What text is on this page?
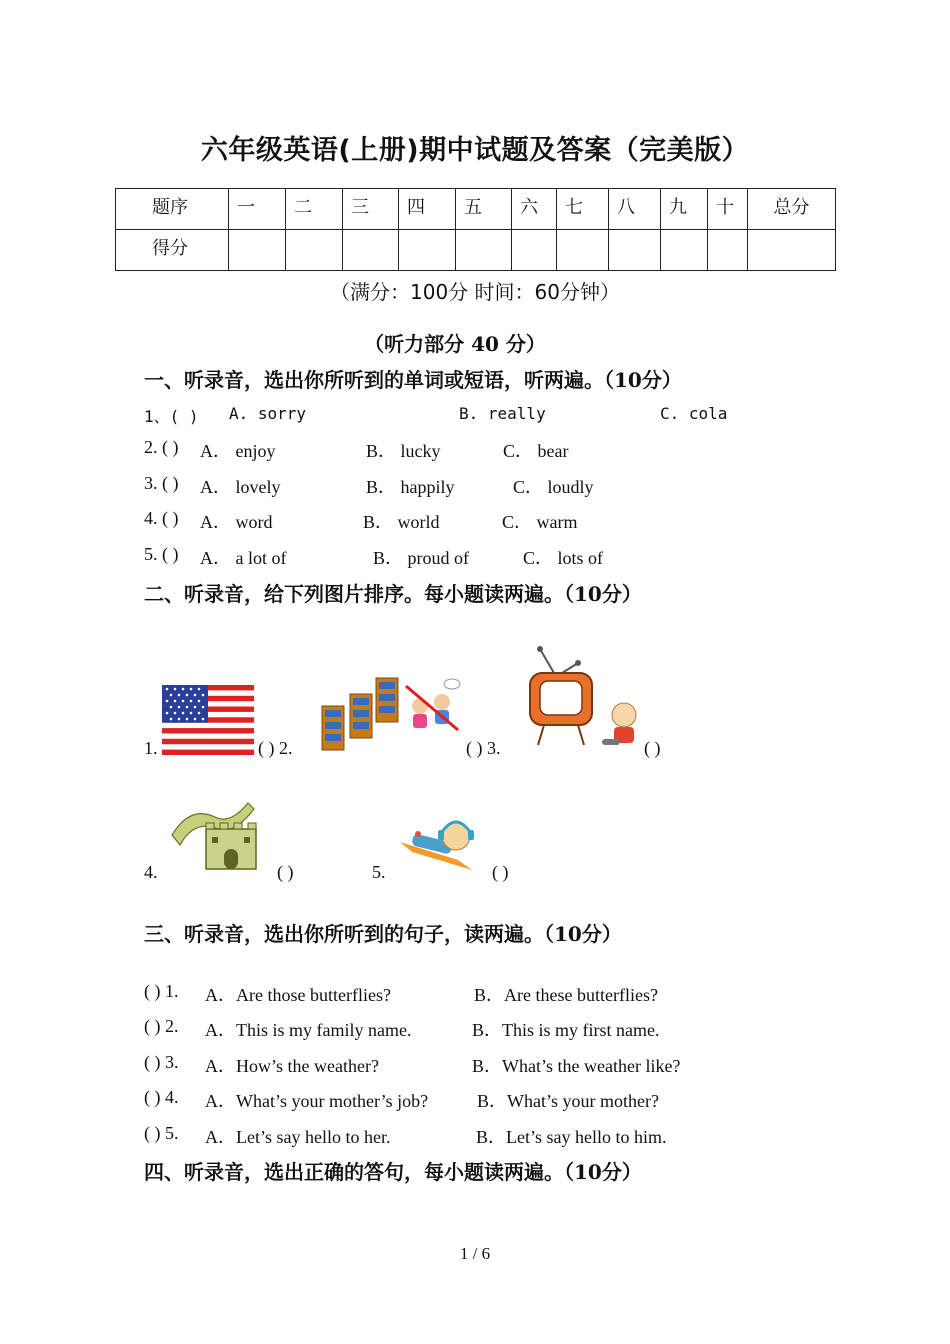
六年级英语(上册)期中试题及答案（完美版）
题序	一	二	三	四	五	六	七	八	九	十	总分
得分											
（满分：100分 时间：60分钟）
（听力部分 40 分）
一、听录音，选出你所听到的单词或短语，听两遍。（10分）
1、( ) A. sorry	B. really	C. cola
2. ( ) A． enjoy	B． lucky	C． bear
3. ( ) A． lovely	B． happily	C． loudly
4. ( ) A． word	B． world	C． warm
5. ( ) A． a lot of	B． proud of	C． lots of
二、听录音，给下列图片排序。每小题读两遍。（10分）
1.	( ) 2.	( ) 3.	( )
4.	( )	5.	( )
三、听录音，选出你所听到的句子，读两遍。（10分）
( ) 1. A．Are those butterflies?	B．Are these butterflies?
( ) 2. A．This is my family name.	B．This is my first name.
( ) 3. A．How’s the weather?	B．What’s the weather like?
( ) 4. A．What’s your mother’s job?	B．What’s your mother?
( ) 5. A．Let’s say hello to her.	B．Let’s say hello to him.
四、听录音，选出正确的答句，每小题读两遍。（10分）
1 / 6
